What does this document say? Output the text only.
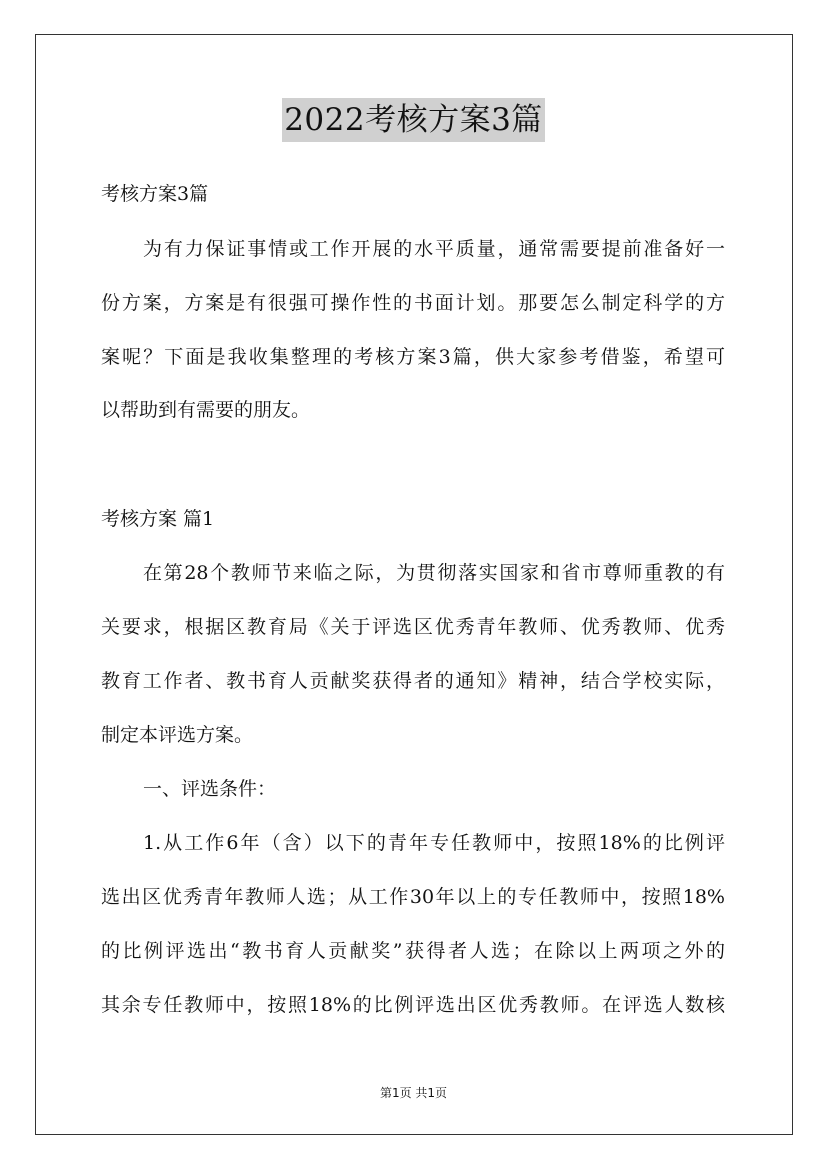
2022考核方案3篇
考核方案3篇
为有力保证事情或工作开展的水平质量，通常需要提前准备好一
份方案，方案是有很强可操作性的书面计划。那要怎么制定科学的方
案呢？下面是我收集整理的考核方案3篇，供大家参考借鉴，希望可
以帮助到有需要的朋友。
考核方案 篇1
在第28个教师节来临之际，为贯彻落实国家和省市尊师重教的有
关要求，根据区教育局《关于评选区优秀青年教师、优秀教师、优秀
教育工作者、教书育人贡献奖获得者的通知》精神，结合学校实际，
制定本评选方案。
一、评选条件：
1.从工作6年（含）以下的青年专任教师中，按照18%的比例评
选出区优秀青年教师人选；从工作30年以上的专任教师中，按照18%
的比例评选出“教书育人贡献奖”获得者人选；在除以上两项之外的
其余专任教师中，按照18%的比例评选出区优秀教师。在评选人数核
第1页 共1页
